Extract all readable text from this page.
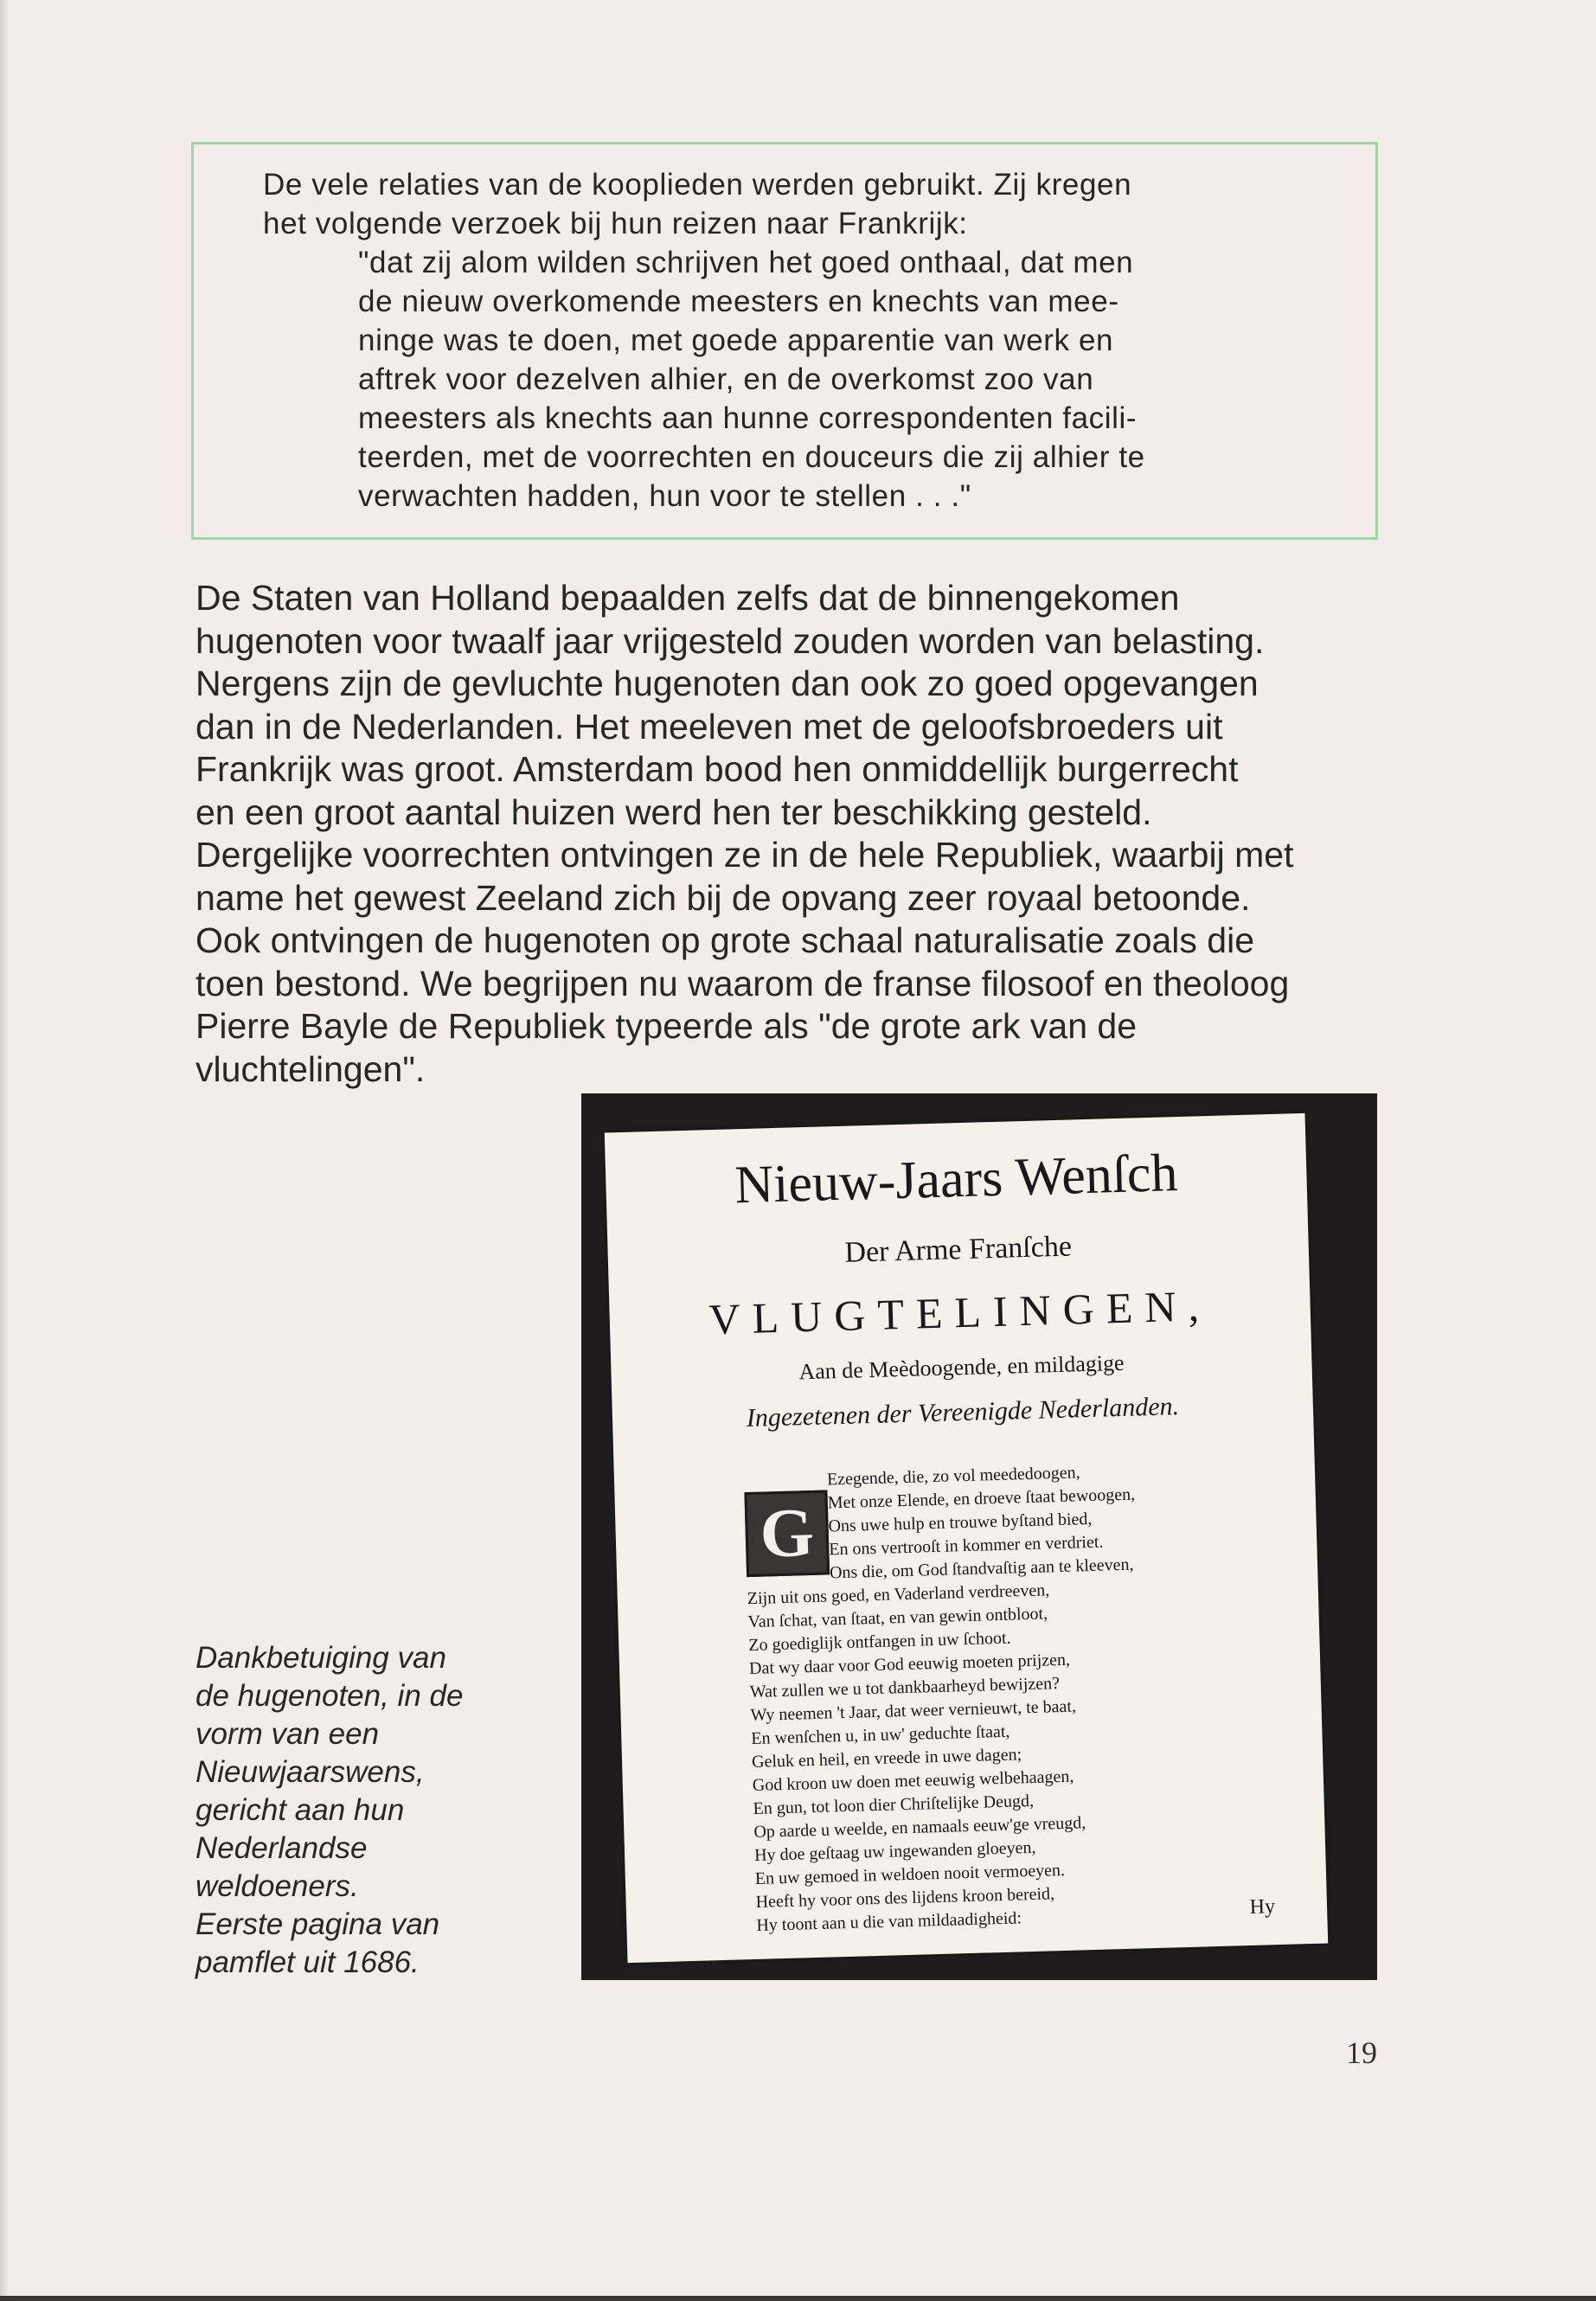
De vele relaties van de kooplieden werden gebruikt. Zij kregen
het volgende verzoek bij hun reizen naar Frankrijk:
"dat zij alom wilden schrijven het goed onthaal, dat men
de nieuw overkomende meesters en knechts van mee-
ninge was te doen, met goede apparentie van werk en
aftrek voor dezelven alhier, en de overkomst zoo van
meesters als knechts aan hunne correspondenten facili-
teerden, met de voorrechten en douceurs die zij alhier te
verwachten hadden, hun voor te stellen . . ."
De Staten van Holland bepaalden zelfs dat de binnengekomen
hugenoten voor twaalf jaar vrijgesteld zouden worden van belasting.
Nergens zijn de gevluchte hugenoten dan ook zo goed opgevangen
dan in de Nederlanden. Het meeleven met de geloofsbroeders uit
Frankrijk was groot. Amsterdam bood hen onmiddellijk burgerrecht
en een groot aantal huizen werd hen ter beschikking gesteld.
Dergelijke voorrechten ontvingen ze in de hele Republiek, waarbij met
name het gewest Zeeland zich bij de opvang zeer royaal betoonde.
Ook ontvingen de hugenoten op grote schaal naturalisatie zoals die
toen bestond. We begrijpen nu waarom de franse filosoof en theoloog
Pierre Bayle de Republiek typeerde als "de grote ark van de
vluchtelingen".
Nieuw-Jaars Wenſch
Der Arme Franſche
VLUGTELINGEN,
Aan de Meèdoogende, en mildagige
Ingezetenen der Vereenigde Nederlanden.
Ezegende, die, zo vol meededoogen,
Met onze Elende, en droeve ſtaat bewoogen,
Ons uwe hulp en trouwe byſtand bied,
En ons vertrooſt in kommer en verdriet.
Ons die, om God ſtandvaſtig aan te kleeven,
Zijn uit ons goed, en Vaderland verdreeven,
Van ſchat, van ſtaat, en van gewin ontbloot,
Zo goediglijk ontfangen in uw ſchoot.
Dat wy daar voor God eeuwig moeten prijzen,
Wat zullen we u tot dankbaarheyd bewijzen?
Wy neemen 't Jaar, dat weer vernieuwt, te baat,
En wenſchen u, in uw' geduchte ſtaat,
Geluk en heil, en vreede in uwe dagen;
God kroon uw doen met eeuwig welbehaagen,
En gun, tot loon dier Chriſtelijke Deugd,
Op aarde u weelde, en namaals eeuw'ge vreugd,
Hy doe geſtaag uw ingewanden gloeyen,
En uw gemoed in weldoen nooit vermoeyen.
Heeft hy voor ons des lijdens kroon bereid,
Hy toont aan u die van mildaadigheid:
G
Hy
Dankbetuiging van
de hugenoten, in de
vorm van een
Nieuwjaarswens,
gericht aan hun
Nederlandse
weldoeners.
Eerste pagina van
pamflet uit 1686.
19
